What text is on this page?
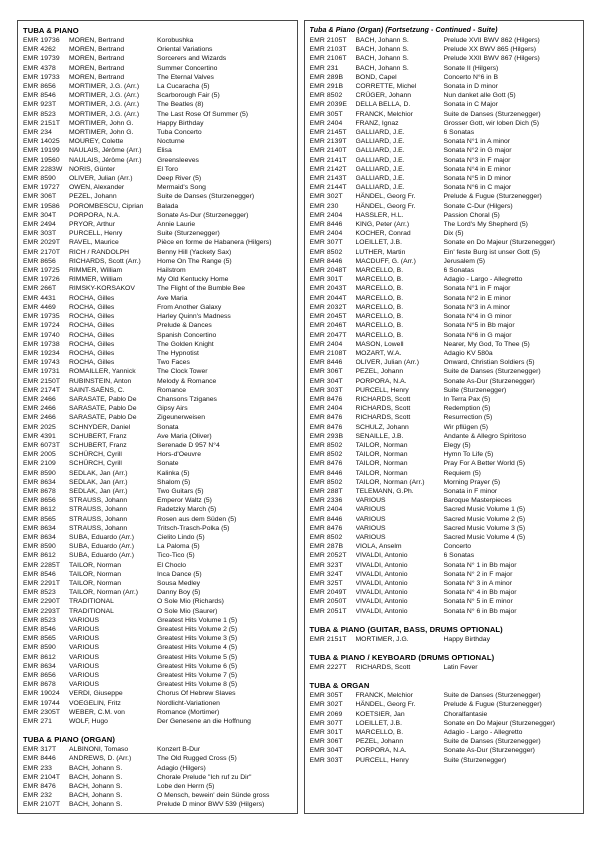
TUBA & PIANO
EMR 19736	MOREN, Bertrand	Korobushka
EMR 4262	MOREN, Bertrand	Oriental Variations
EMR 19739	MOREN, Bertrand	Sorcerers and Wizards
EMR 4378	MOREN, Bertrand	Summer Concertino
EMR 19733	MOREN, Bertrand	The Eternal Valves
EMR 8656	MORTIMER, J.G. (Arr.)	La Cucaracha (5)
EMR 8546	MORTIMER, J.G. (Arr.)	Scarborough Fair (5)
EMR 923T	MORTIMER, J.G. (Arr.)	The Beatles (8)
EMR 8523	MORTIMER, J.G. (Arr.)	The Last Rose Of Summer (5)
EMR 2151T	MORTIMER, John G.	Happy Birthday
EMR 234	MORTIMER, John G.	Tuba Concerto
EMR 14025	MOUREY, Colette	Nocturne
EMR 19199	NAULAIS, Jérôme (Arr.)	Elisa
EMR 19560	NAULAIS, Jérôme (Arr.)	Greensleeves
EMR 2283W NORIS, Günter	El Toro
EMR 8590	OLIVER, Julian (Arr.)	Deep River (5)
EMR 19727	OWEN, Alexander	Mermaid's Song
EMR 306T	PEZEL, Johann	Suite de Danses (Sturzenegger)
EMR 19586	POROMBESCU, Ciprian	Balada
EMR 304T	PORPORA, N.A.	Sonate As-Dur (Sturzenegger)
EMR 2494	PRYOR, Arthur	Annie Laurie
EMR 303T	PURCELL, Henry	Suite (Sturzenegger)
EMR 2029T	RAVEL, Maurice	Pièce en forme de Habanera (Hilgers)
EMR 2170T	RICH / RANDOLPH	Benny Hill (Yackety Sax)
EMR 8656	RICHARDS, Scott (Arr.)	Home On The Range (5)
EMR 19725	RIMMER, William	Hailstrom
EMR 19726	RIMMER, William	My Old Kentucky Home
EMR 266T	RIMSKY-KORSAKOV	The Flight of the Bumble Bee
EMR 4431	ROCHA, Gilles	Ave Maria
EMR 4469	ROCHA, Gilles	From Another Galaxy
EMR 19735	ROCHA, Gilles	Harley Quinn's Madness
EMR 19724	ROCHA, Gilles	Prelude & Dances
EMR 19740	ROCHA, Gilles	Spanish Concertino
EMR 19738	ROCHA, Gilles	The Golden Knight
EMR 19234	ROCHA, Gilles	The Hypnotist
EMR 19743	ROCHA, Gilles	Two Faces
EMR 19731	ROMAILLER, Yannick	The Clock Tower
EMR 2150T	RUBINSTEIN, Anton	Melody & Romance
EMR 2174T	SAINT-SAËNS, C.	Romance
EMR 2466	SARASATE, Pablo De	Chansons Tziganes
EMR 2466	SARASATE, Pablo De	Gipsy Airs
EMR 2466	SARASATE, Pablo De	Zigeunerweisen
EMR 2025	SCHNYDER, Daniel	Sonata
EMR 4391	SCHUBERT, Franz	Ave Maria (Oliver)
EMR 6073T	SCHUBERT, Franz	Serenade D 957 N°4
EMR 2005	SCHÜRCH, Cyrill	Hors-d'Oeuvre
EMR 2109	SCHÜRCH, Cyrill	Sonate
EMR 8590	SEDLAK, Jan (Arr.)	Kalinka (5)
EMR 8634	SEDLAK, Jan (Arr.)	Shalom (5)
EMR 8678	SEDLAK, Jan (Arr.)	Two Guitars (5)
EMR 8656	STRAUSS, Johann	Emperor Waltz (5)
EMR 8612	STRAUSS, Johann	Radetzky March (5)
EMR 8565	STRAUSS, Johann	Rosen aus dem Süden (5)
EMR 8634	STRAUSS, Johann	Tritsch-Trasch-Polka (5)
EMR 8634	SUBA, Eduardo (Arr.)	Cielito Lindo (5)
EMR 8590	SUBA, Eduardo (Arr.)	La Paloma (5)
EMR 8612	SUBA, Eduardo (Arr.)	Tico-Tico (5)
EMR 2285T	TAILOR, Norman	El Choclo
EMR 8546	TAILOR, Norman	Inca Dance (5)
EMR 2291T	TAILOR, Norman	Sousa Medley
EMR 8523	TAILOR, Norman (Arr.)	Danny Boy (5)
EMR 2290T	TRADITIONAL	O Sole Mio (Richards)
EMR 2293T	TRADITIONAL	O Sole Mio (Saurer)
EMR 8523	VARIOUS	Greatest Hits Volume 1 (5)
EMR 8546	VARIOUS	Greatest Hits Volume 2 (5)
EMR 8565	VARIOUS	Greatest Hits Volume 3 (5)
EMR 8590	VARIOUS	Greatest Hits Volume 4 (5)
EMR 8612	VARIOUS	Greatest Hits Volume 5 (5)
EMR 8634	VARIOUS	Greatest Hits Volume 6 (5)
EMR 8656	VARIOUS	Greatest Hits Volume 7 (5)
EMR 8678	VARIOUS	Greatest Hits Volume 8 (5)
EMR 19024	VERDI, Giuseppe	Chorus Of Hebrew Slaves
EMR 19744	VOEGELIN, Fritz	Nordlicht-Variationen
EMR 2305T	WEBER, C.M. von	Romance (Mortimer)
EMR 271	WOLF, Hugo	Der Genesene an die Hoffnung
TUBA & PIANO (ORGAN)
EMR 317T	ALBINONI, Tomaso	Konzert B-Dur
EMR 8446	ANDREWS, D. (Arr.)	The Old Rugged Cross (5)
EMR 233	BACH, Johann S.	Adagio (Hilgers)
EMR 2104T	BACH, Johann S.	Chorale Prelude "Ich ruf zu Dir"
EMR 8476	BACH, Johann S.	Lobe den Herrn (5)
EMR 232	BACH, Johann S.	O Mensch, bewein' dein Sünde gross
EMR 2107T	BACH, Johann S.	Prelude D minor BWV 539 (Hilgers)
Tuba & Piano (Organ) (Fortsetzung - Continued - Suite)
EMR 2105T	BACH, Johann S.	Prelude XVII BWV 862 (Hilgers)
EMR 2103T	BACH, Johann S.	Prelude XX BWV 865 (Hilgers)
EMR 2106T	BACH, Johann S.	Prelude XXII BWV 867 (Hilgers)
EMR 231	BACH, Johann S.	Sonate II (Hilgers)
EMR 289B	BOND, Capel	Concerto N°6 in B
EMR 291B	CORRETTE, Michel	Sonata in D minor
EMR 8502	CRÜGER, Johann	Nun danket alle Gott (5)
EMR 2039E	DELLA BELLA, D.	Sonata in C Major
EMR 305T	FRANCK, Melchior	Suite de Danses (Sturzenegger)
EMR 2404	FRANZ, Ignaz	Grosser Gott, wir loben Dich (5)
EMR 2145T	GALLIARD, J.E.	6 Sonatas
EMR 2139T	GALLIARD, J.E.	Sonata N°1 in A minor
EMR 2140T	GALLIARD, J.E.	Sonata N°2 in G major
EMR 2141T	GALLIARD, J.E.	Sonata N°3 in F major
EMR 2142T	GALLIARD, J.E.	Sonata N°4 in E minor
EMR 2143T	GALLIARD, J.E.	Sonata N°5 in D minor
EMR 2144T	GALLIARD, J.E.	Sonata N°6 in C major
EMR 302T	HÄNDEL, Georg Fr.	Prelude & Fugue (Sturzenegger)
EMR 230	HÄNDEL, Georg Fr.	Sonate C-Dur (Hilgers)
EMR 2404	HASSLER, H.L.	Passion Choral (5)
EMR 8446	KING, Peter (Arr.)	The Lord's My Shepherd (5)
EMR 2404	KOCHER, Conrad	Dix (5)
EMR 307T	LOEILLET, J.B.	Sonate en Do Majeur (Sturzenegger)
EMR 8502	LUTHER, Martin	Ein' feste Burg ist unser Gott (5)
EMR 8446	MACDUFF, G. (Arr.)	Jerusalem (5)
EMR 2048T	MARCELLO, B.	6 Sonatas
EMR 301T	MARCELLO, B.	Adagio - Largo - Allegretto
EMR 2043T	MARCELLO, B.	Sonata N°1 in F major
EMR 2044T	MARCELLO, B.	Sonata N°2 in E minor
EMR 2032T	MARCELLO, B.	Sonata N°3 in A minor
EMR 2045T	MARCELLO, B.	Sonata N°4 in G minor
EMR 2046T	MARCELLO, B.	Sonata N°5 in Bb major
EMR 2047T	MARCELLO, B.	Sonata N°6 in G major
EMR 2404	MASON, Lowell	Nearer, My God, To Thee (5)
EMR 2108T	MOZART, W.A.	Adagio KV 580a
EMR 8446	OLIVER, Julian (Arr.)	Onward, Christian Soldiers (5)
EMR 306T	PEZEL, Johann	Suite de Danses (Sturzenegger)
EMR 304T	PORPORA, N.A.	Sonate As-Dur (Sturzenegger)
EMR 303T	PURCELL, Henry	Suite (Sturzenegger)
EMR 8476	RICHARDS, Scott	In Terra Pax (5)
EMR 2404	RICHARDS, Scott	Redemption (5)
EMR 8476	RICHARDS, Scott	Resurrection (5)
EMR 8476	SCHULZ, Johann	Wir pflügen (5)
EMR 293B	SENAILLE, J.B.	Andante & Allegro Spiritoso
EMR 8502	TAILOR, Norman	Elegy (5)
EMR 8502	TAILOR, Norman	Hymn To Life (5)
EMR 8476	TAILOR, Norman	Pray For A Better World (5)
EMR 8446	TAILOR, Norman	Requiem (5)
EMR 8502	TAILOR, Norman (Arr.)	Morning Prayer (5)
EMR 288T	TELEMANN, G.Ph.	Sonata in F minor
EMR 2336	VARIOUS	Baroque Masterpieces
EMR 2404	VARIOUS	Sacred Music Volume 1 (5)
EMR 8446	VARIOUS	Sacred Music Volume 2 (5)
EMR 8476	VARIOUS	Sacred Music Volume 3 (5)
EMR 8502	VARIOUS	Sacred Music Volume 4 (5)
EMR 287B	VIOLA, Anselm	Concerto
EMR 2052T	VIVALDI, Antonio	6 Sonatas
EMR 323T	VIVALDI, Antonio	Sonata N° 1 in Bb major
EMR 324T	VIVALDI, Antonio	Sonata N° 2 in F major
EMR 325T	VIVALDI, Antonio	Sonata N° 3 in A minor
EMR 2049T	VIVALDI, Antonio	Sonata N° 4 in Bb major
EMR 2050T	VIVALDI, Antonio	Sonata N° 5 in E minor
EMR 2051T	VIVALDI, Antonio	Sonata N° 6 in Bb major
TUBA & PIANO (GUITAR, BASS, DRUMS OPTIONAL)
EMR 2151T	MORTIMER, J.G.	Happy Birthday
TUBA & PIANO / KEYBOARD (DRUMS OPTIONAL)
EMR 2227T	RICHARDS, Scott	Latin Fever
TUBA & ORGAN
EMR 305T	FRANCK, Melchior	Suite de Danses (Sturzenegger)
EMR 302T	HÄNDEL, Georg Fr.	Prelude & Fugue (Sturzenegger)
EMR 2069	KOETSIER, Jan	Choralfantasie
EMR 307T	LOEILLET, J.B.	Sonate en Do Majeur (Sturzenegger)
EMR 301T	MARCELLO, B.	Adagio - Largo - Allegretto
EMR 306T	PEZEL, Johann	Suite de Danses (Sturzenegger)
EMR 304T	PORPORA, N.A.	Sonate As-Dur (Sturzenegger)
EMR 303T	PURCELL, Henry	Suite (Sturzenegger)
